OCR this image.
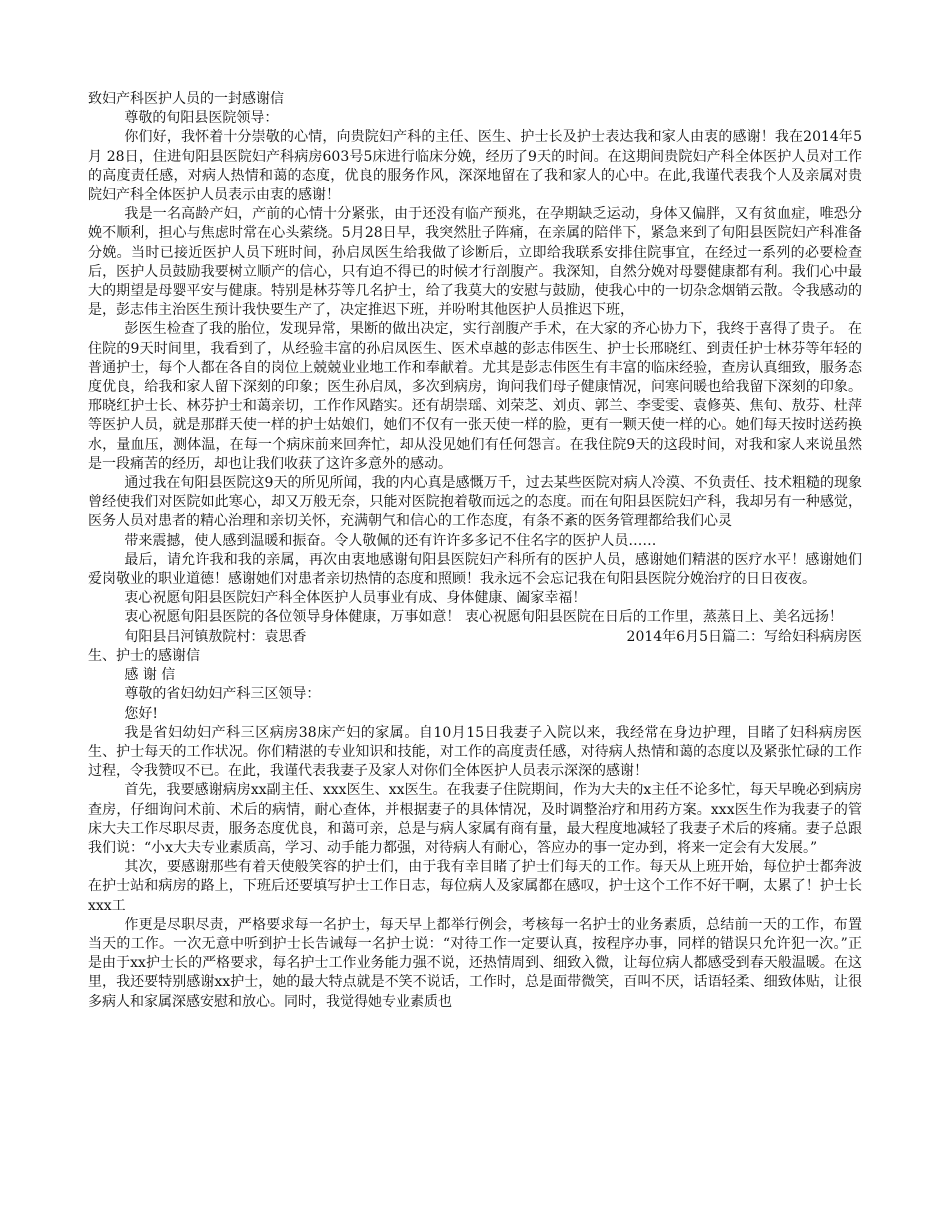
致妇产科医护人员的一封感谢信

尊敬的旬阳县医院领导：

你们好，我怀着十分崇敬的心情，向贵院妇产科的主任、医生、护士长及护士表达我和家人由衷的感谢！我在2014年5月 28日，住进旬阳县医院妇产科病房603号5床进行临床分娩，经历了9天的时间。在这期间贵院妇产科全体医护人员对工作的高度责任感，对病人热情和蔼的态度，优良的服务作风，深深地留在了我和家人的心中。在此,我谨代表我个人及亲属对贵院妇产科全体医护人员表示由衷的感谢！

我是一名高龄产妇，产前的心情十分紧张，由于还没有临产预兆，在孕期缺乏运动，身体又偏胖，又有贫血症，唯恐分娩不顺利，担心与焦虑时常在心头萦绕。5月28日早，我突然肚子阵痛，在亲属的陪伴下，紧急来到了旬阳县医院妇产科准备分娩。当时已接近医护人员下班时间，孙启凤医生给我做了诊断后，立即给我联系安排住院事宜，在经过一系列的必要检查后，医护人员鼓励我要树立顺产的信心，只有迫不得已的时候才行剖腹产。我深知，自然分娩对母婴健康都有利。我们心中最大的期望是母婴平安与健康。特别是林芬等几名护士，给了我莫大的安慰与鼓励，使我心中的一切杂念烟销云散。令我感动的是，彭志伟主治医生预计我快要生产了，决定推迟下班，并吩咐其他医护人员推迟下班，

彭医生检查了我的胎位，发现异常，果断的做出决定，实行剖腹产手术，在大家的齐心协力下，我终于喜得了贵子。 在住院的9天时间里，我看到了，从经验丰富的孙启凤医生、医术卓越的彭志伟医生、护士长邢晓红、到责任护士林芬等年轻的普通护士，每个人都在各自的岗位上兢兢业业地工作和奉献着。尤其是彭志伟医生有丰富的临床经验，查房认真细致，服务态度优良，给我和家人留下深刻的印象；医生孙启凤，多次到病房，询问我们母子健康情况，问寒问暖也给我留下深刻的印象。邢晓红护士长、林芬护士和蔼亲切，工作作风踏实。还有胡崇瑶、刘荣芝、刘贞、郭兰、李雯雯、袁修英、焦旬、敖芬、杜萍等医护人员，就是那群天使一样的护士姑娘们，她们不仅有一张天使一样的脸，更有一颗天使一样的心。她们每天按时送药换水，量血压，测体温，在每一个病床前来回奔忙，却从没见她们有任何怨言。在我住院9天的这段时间，对我和家人来说虽然是一段痛苦的经历，却也让我们收获了这许多意外的感动。

通过我在旬阳县医院这9天的所见所闻，我的内心真是感慨万千，过去某些医院对病人冷漠、不负责任、技术粗糙的现象曾经使我们对医院如此寒心，却又万般无奈，只能对医院抱着敬而远之的态度。而在旬阳县医院妇产科，我却另有一种感觉，医务人员对患者的精心治理和亲切关怀，充满朝气和信心的工作态度，有条不紊的医务管理都给我们心灵

带来震撼，使人感到温暖和振奋。令人敬佩的还有许许多多记不住名字的医护人员……

最后，请允许我和我的亲属，再次由衷地感谢旬阳县医院妇产科所有的医护人员，感谢她们精湛的医疗水平！感谢她们爱岗敬业的职业道德！感谢她们对患者亲切热情的态度和照顾！我永远不会忘记我在旬阳县医院分娩治疗的日日夜夜。

衷心祝愿旬阳县医院妇产科全体医护人员事业有成、身体健康、阖家幸福！

衷心祝愿旬阳县医院的各位领导身体健康，万事如意！ 衷心祝愿旬阳县医院在日后的工作里，蒸蒸日上、美名远扬！

旬阳县吕河镇敖院村：袁思香	2014年6月5日篇二：写给妇科病房医

生、护士的感谢信

感 谢 信

尊敬的省妇幼妇产科三区领导：

您好!

我是省妇幼妇产科三区病房38床产妇的家属。自10月15日我妻子入院以来，我经常在身边护理，目睹了妇科病房医生、护士每天的工作状况。你们精湛的专业知识和技能，对工作的高度责任感，对待病人热情和蔼的态度以及紧张忙碌的工作过程，令我赞叹不已。在此，我谨代表我妻子及家人对你们全体医护人员表示深深的感谢！

首先，我要感谢病房xx副主任、xxx医生、xx医生。在我妻子住院期间，作为大夫的x主任不论多忙，每天早晚必到病房查房，仔细询问术前、术后的病情，耐心查体，并根据妻子的具体情况，及时调整治疗和用药方案。xxx医生作为我妻子的管床大夫工作尽职尽责，服务态度优良，和蔼可亲，总是与病人家属有商有量，最大程度地减轻了我妻子术后的疼痛。妻子总跟我们说：“小x大夫专业素质高，学习、动手能力都强，对待病人有耐心，答应办的事一定办到，将来一定会有大发展。”

其次，要感谢那些有着天使般笑容的护士们，由于我有幸目睹了护士们每天的工作。每天从上班开始，每位护士都奔波在护士站和病房的路上，下班后还要填写护士工作日志，每位病人及家属都在感叹，护士这个工作不好干啊，太累了！护士长xxx工

作更是尽职尽责，严格要求每一名护士，每天早上都举行例会，考核每一名护士的业务素质，总结前一天的工作，布置当天的工作。一次无意中听到护士长告诫每一名护士说：“对待工作一定要认真，按程序办事，同样的错误只允许犯一次。”正是由于xx护士长的严格要求，每名护士工作业务能力强不说，还热情周到、细致入微，让每位病人都感受到春天般温暖。在这里，我还要特别感谢xx护士，她的最大特点就是不笑不说话，工作时，总是面带微笑，百叫不厌，话语轻柔、细致体贴，让很多病人和家属深感安慰和放心。同时，我觉得她专业素质也
